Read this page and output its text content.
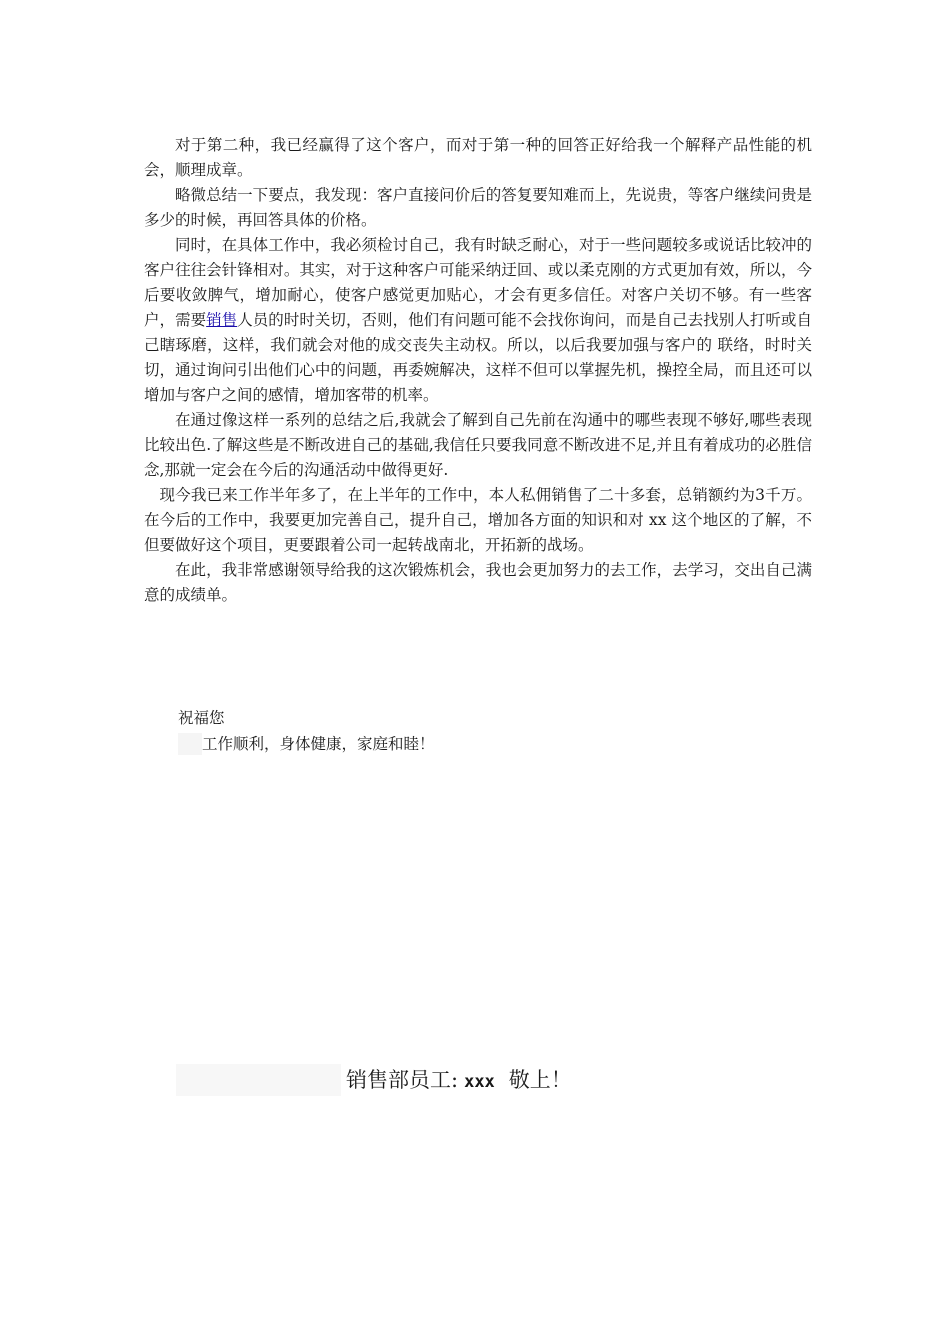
对于第二种，我已经赢得了这个客户，而对于第一种的回答正好给我一个解释产品性能的机会，顺理成章。

略微总结一下要点，我发现：客户直接问价后的答复要知难而上，先说贵，等客户继续问贵是多少的时候，再回答具体的价格。

同时，在具体工作中，我必须检讨自己，我有时缺乏耐心，对于一些问题较多或说话比较冲的客户往往会针锋相对。其实，对于这种客户可能采纳迂回、或以柔克刚的方式更加有效，所以，今后要收敛脾气，增加耐心，使客户感觉更加贴心，才会有更多信任。对客户关切不够。有一些客户，需要销售人员的时时关切，否则，他们有问题可能不会找你询问，而是自己去找别人打听或自己瞎琢磨，这样，我们就会对他的成交丧失主动权。所以，以后我要加强与客户的 联络，时时关切，通过询问引出他们心中的问题，再委婉解决，这样不但可以掌握先机，操控全局，而且还可以增加与客户之间的感情，增加客带的机率。

在通过像这样一系列的总结之后,我就会了解到自己先前在沟通中的哪些表现不够好,哪些表现比较出色.了解这些是不断改进自己的基础,我信任只要我同意不断改进不足,并且有着成功的必胜信念,那就一定会在今后的沟通活动中做得更好.

现今我已来工作半年多了，在上半年的工作中，本人私佣销售了二十多套，总销额约为3千万。在今后的工作中，我要更加完善自己，提升自己，增加各方面的知识和对 xx 这个地区的了解，不但要做好这个项目，更要跟着公司一起转战南北，开拓新的战场。

在此，我非常感谢领导给我的这次锻炼机会，我也会更加努力的去工作，去学习，交出自己满意的成绩单。

祝福您
工作顺利，身体健康，家庭和睦！
销售部员工: xxx 敬上！
